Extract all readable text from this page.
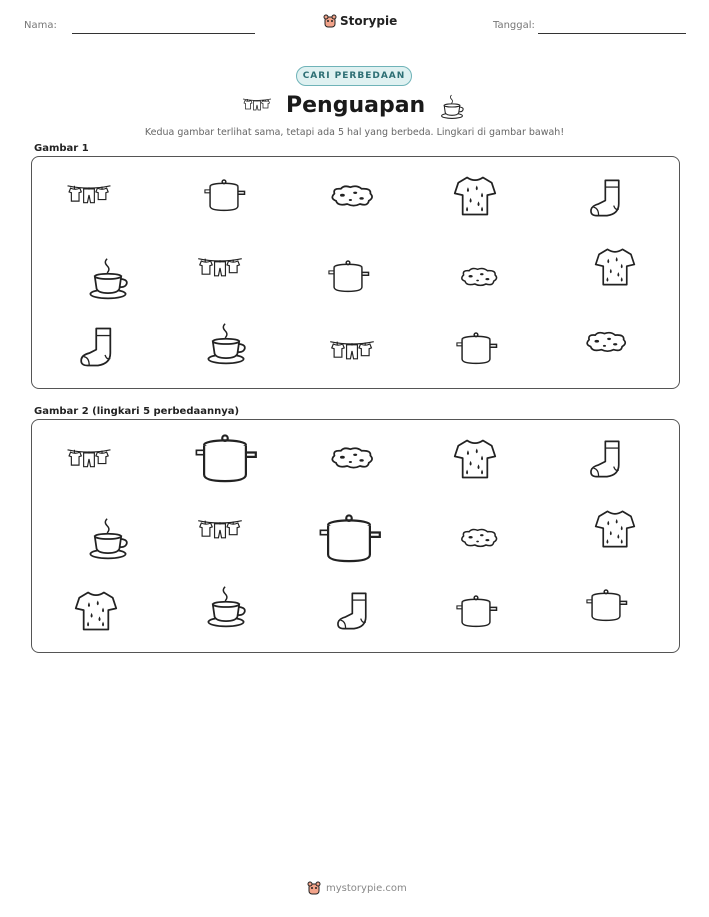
Nama:	Storypie	Tanggal:
CARI PERBEDAAN
Penguapan
Kedua gambar terlihat sama, tetapi ada 5 hal yang berbeda. Lingkari di gambar bawah!
Gambar 1
Gambar 2 (lingkari 5 perbedaannya)
mystorypie.com
